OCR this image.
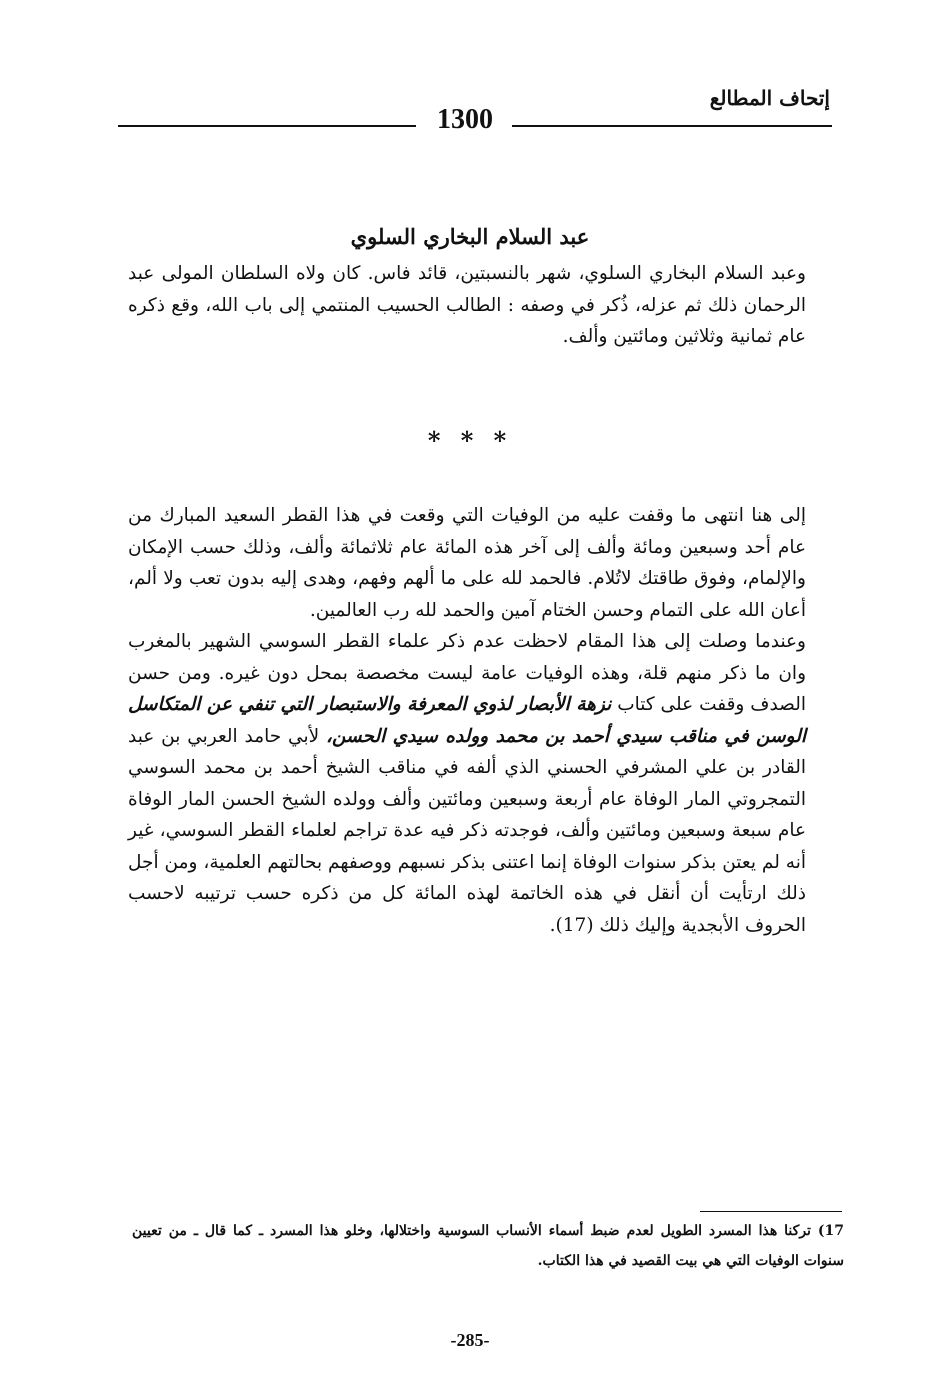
إتحاف المطالع
1300
عبد السلام البخاري السلوي
وعبد السلام البخاري السلوي، شهر بالنسبتين، قائد فاس. كان ولاه السلطان المولى عبد الرحمان ذلك ثم عزله، ذُكر في وصفه : الطالب الحسيب المنتمي إلى باب الله، وقع ذكره عام ثمانية وثلاثين ومائتين وألف.
* * *

إلى هنا انتهى ما وقفت عليه من الوفيات التي وقعت في هذا القطر السعيد المبارك من عام أحد وسبعين ومائة وألف إلى آخر هذه المائة عام ثلاثمائة وألف، وذلك حسب الإمكان والإلمام، وفوق طاقتك لاتُلام. فالحمد لله على ما ألهم وفهم، وهدى إليه بدون تعب ولا ألم، أعان الله على التمام وحسن الختام آمين والحمد لله رب العالمين.

وعندما وصلت إلى هذا المقام لاحظت عدم ذكر علماء القطر السوسي الشهير بالمغرب وان ما ذكر منهم قلة، وهذه الوفيات عامة ليست مخصصة بمحل دون غيره. ومن حسن الصدف وقفت على كتاب نزهة الأبصار لذوي المعرفة والاستبصار التي تنفي عن المتكاسل الوسن في مناقب سيدي أحمد بن محمد وولده سيدي الحسن، لأبي حامد العربي بن عبد القادر بن علي المشرفي الحسني الذي ألفه في مناقب الشيخ أحمد بن محمد السوسي التمجروتي المار الوفاة عام أربعة وسبعين ومائتين وألف وولده الشيخ الحسن المار الوفاة عام سبعة وسبعين ومائتين وألف، فوجدته ذكر فيه عدة تراجم لعلماء القطر السوسي، غير أنه لم يعتن بذكر سنوات الوفاة إنما اعتنى بذكر نسبهم ووصفهم بحالتهم العلمية، ومن أجل ذلك ارتأيت أن أنقل في هذه الخاتمة لهذه المائة كل من ذكره حسب ترتيبه لاحسب الحروف الأبجدية وإليك ذلك (17).

17) تركنا هذا المسرد الطويل لعدم ضبط أسماء الأنساب السوسية واختلالها، وخلو هذا المسرد ـ كما قال ـ من تعيين سنوات الوفيات التي هي بيت القصيد في هذا الكتاب.
-285-
